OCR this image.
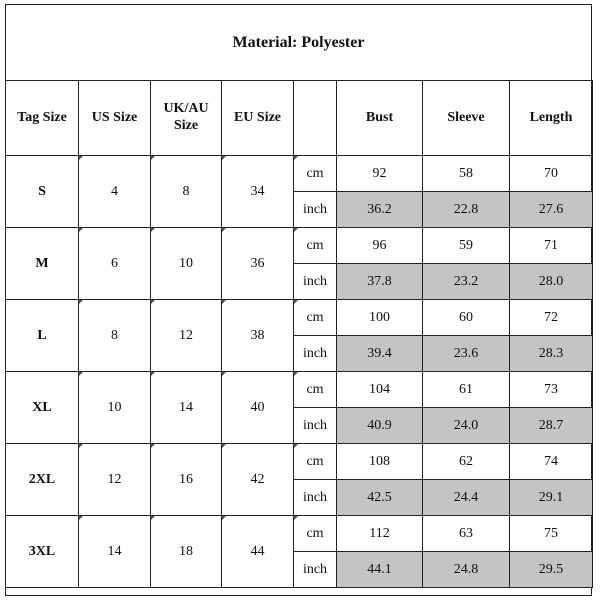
Material: Polyester
Tag Size	US Size	UK/AU Size	EU Size		Bust	Sleeve	Length
S	4	8	34	cm	92	58	70
				inch	36.2	22.8	27.6
M	6	10	36	cm	96	59	71
				inch	37.8	23.2	28.0
L	8	12	38	cm	100	60	72
				inch	39.4	23.6	28.3
XL	10	14	40	cm	104	61	73
				inch	40.9	24.0	28.7
2XL	12	16	42	cm	108	62	74
				inch	42.5	24.4	29.1
3XL	14	18	44	cm	112	63	75
				inch	44.1	24.8	29.5
